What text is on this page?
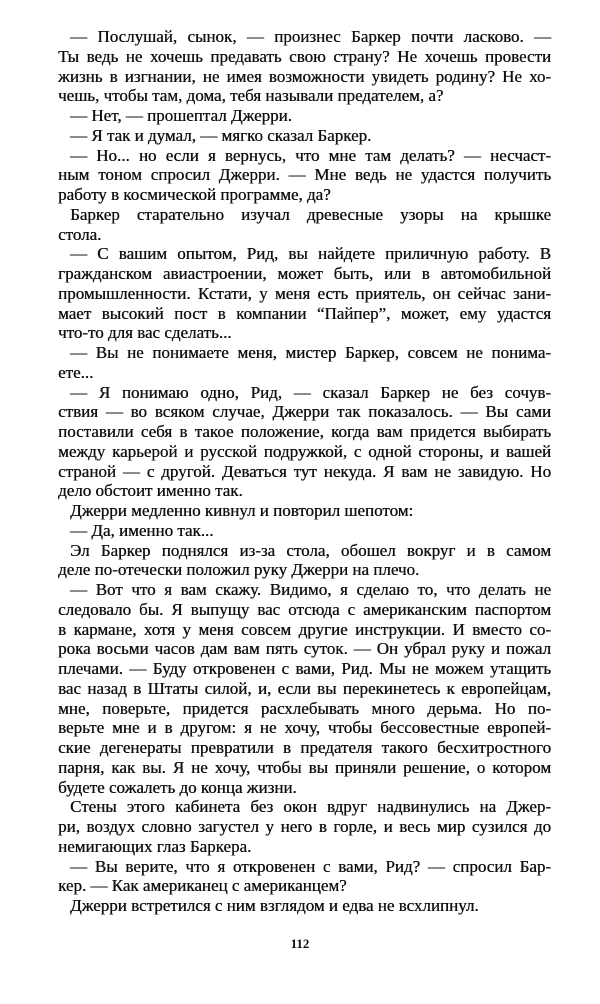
— Послушай, сынок, — произнес Баркер почти ласково. —
Ты ведь не хочешь предавать свою страну? Не хочешь провести
жизнь в изгнании, не имея возможности увидеть родину? Не хо-
чешь, чтобы там, дома, тебя называли предателем, а?
— Нет, — прошептал Джерри.
— Я так и думал, — мягко сказал Баркер.
— Но... но если я вернусь, что мне там делать? — несчаст-
ным тоном спросил Джерри. — Мне ведь не удастся получить
работу в космической программе, да?
Баркер старательно изучал древесные узоры на крышке
стола.
— С вашим опытом, Рид, вы найдете приличную работу. В
гражданском авиастроении, может быть, или в автомобильной
промышленности. Кстати, у меня есть приятель, он сейчас зани-
мает высокий пост в компании “Пайпер”, может, ему удастся
что-то для вас сделать...
— Вы не понимаете меня, мистер Баркер, совсем не понима-
ете...
— Я понимаю одно, Рид, — сказал Баркер не без сочув-
ствия — во всяком случае, Джерри так показалось. — Вы сами
поставили себя в такое положение, когда вам придется выбирать
между карьерой и русской подружкой, с одной стороны, и вашей
страной — с другой. Деваться тут некуда. Я вам не завидую. Но
дело обстоит именно так.
Джерри медленно кивнул и повторил шепотом:
— Да, именно так...
Эл Баркер поднялся из-за стола, обошел вокруг и в самом
деле по-отечески положил руку Джерри на плечо.
— Вот что я вам скажу. Видимо, я сделаю то, что делать не
следовало бы. Я выпущу вас отсюда с американским паспортом
в кармане, хотя у меня совсем другие инструкции. И вместо со-
рока восьми часов дам вам пять суток. — Он убрал руку и пожал
плечами. — Буду откровенен с вами, Рид. Мы не можем утащить
вас назад в Штаты силой, и, если вы перекинетесь к европейцам,
мне, поверьте, придется расхлебывать много дерьма. Но по-
верьте мне и в другом: я не хочу, чтобы бессовестные европей-
ские дегенераты превратили в предателя такого бесхитростного
парня, как вы. Я не хочу, чтобы вы приняли решение, о котором
будете сожалеть до конца жизни.
Стены этого кабинета без окон вдруг надвинулись на Джер-
ри, воздух словно загустел у него в горле, и весь мир сузился до
немигающих глаз Баркера.
— Вы верите, что я откровенен с вами, Рид? — спросил Бар-
кер. — Как американец с американцем?
Джерри встретился с ним взглядом и едва не всхлипнул.
112
